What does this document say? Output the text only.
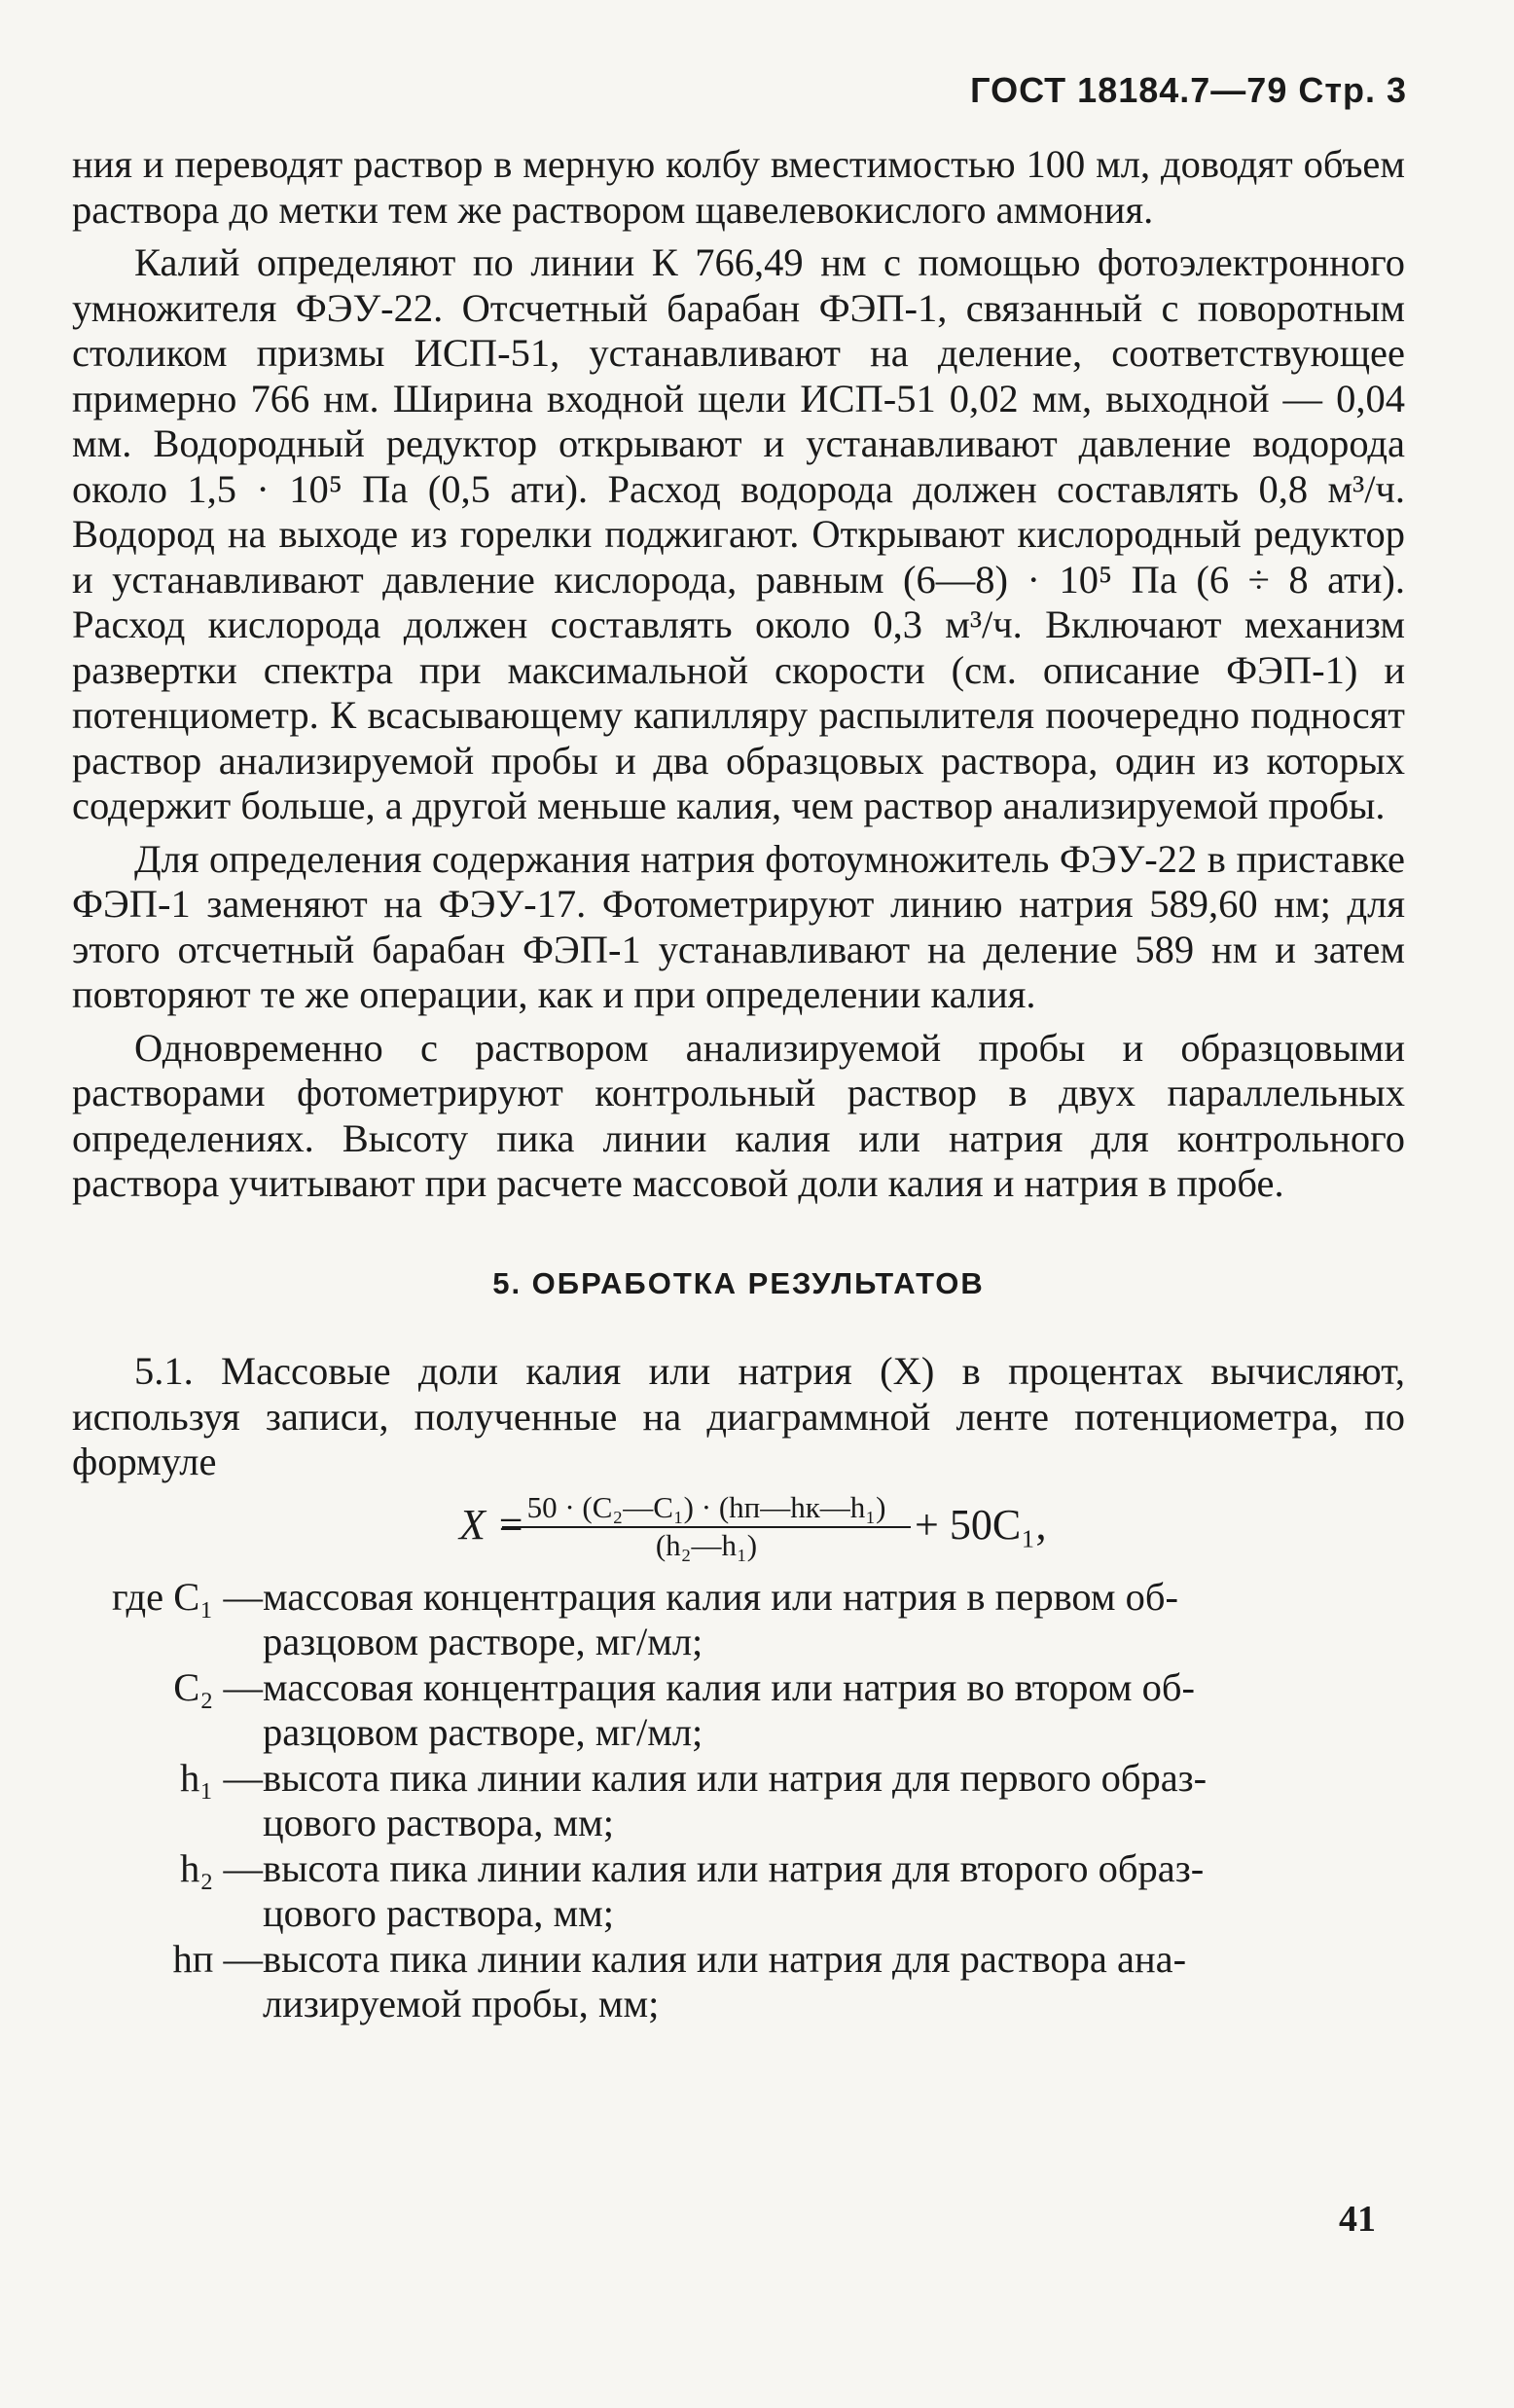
ГОСТ 18184.7—79 Стр. 3

ния и переводят раствор в мерную колбу вместимостью 100 мл, доводят объем раствора до метки тем же раствором щавелевокислого аммония.

Калий определяют по линии К 766,49 нм с помощью фотоэлектронного умножителя ФЭУ-22. Отсчетный барабан ФЭП-1, связанный с поворотным столиком призмы ИСП-51, устанавливают на деление, соответствующее примерно 766 нм. Ширина входной щели ИСП-51 0,02 мм, выходной — 0,04 мм. Водородный редуктор открывают и устанавливают давление водорода около 1,5 · 10⁵ Па (0,5 ати). Расход водорода должен составлять 0,8 м³/ч. Водород на выходе из горелки поджигают. Открывают кислородный редуктор и устанавливают давление кислорода, равным (6—8) · 10⁵ Па (6 ÷ 8 ати). Расход кислорода должен составлять около 0,3 м³/ч. Включают механизм развертки спектра при максимальной скорости (см. описание ФЭП-1) и потенциометр. К всасывающему капилляру распылителя поочередно подносят раствор анализируемой пробы и два образцовых раствора, один из которых содержит больше, а другой меньше калия, чем раствор анализируемой пробы.

Для определения содержания натрия фотоумножитель ФЭУ-22 в приставке ФЭП-1 заменяют на ФЭУ-17. Фотометрируют линию натрия 589,60 нм; для этого отсчетный барабан ФЭП-1 устанавливают на деление 589 нм и затем повторяют те же операции, как и при определении калия.

Одновременно с раствором анализируемой пробы и образцовыми растворами фотометрируют контрольный раствор в двух параллельных определениях. Высоту пика линии калия или натрия для контрольного раствора учитывают при расчете массовой доли калия и натрия в пробе.

5. ОБРАБОТКА РЕЗУЛЬТАТОВ

5.1. Массовые доли калия или натрия (X) в процентах вычисляют, используя записи, полученные на диаграммной ленте потенциометра, по формуле

X = 50 · (C₂—C₁) · (hп—hк—h₁)
(h₂—h₁)	+ 50C₁,
где C₁ — массовая концентрация калия или натрия в первом об-
разцовом растворе, мг/мл;
C₂ — массовая концентрация калия или натрия во втором об-
разцовом растворе, мг/мл;
h₁ — высота пика линии калия или натрия для первого образ-
цового раствора, мм;
h₂ — высота пика линии калия или натрия для второго образ-
цового раствора, мм;
hп — высота пика линии калия или натрия для раствора ана-
лизируемой пробы, мм;
41
